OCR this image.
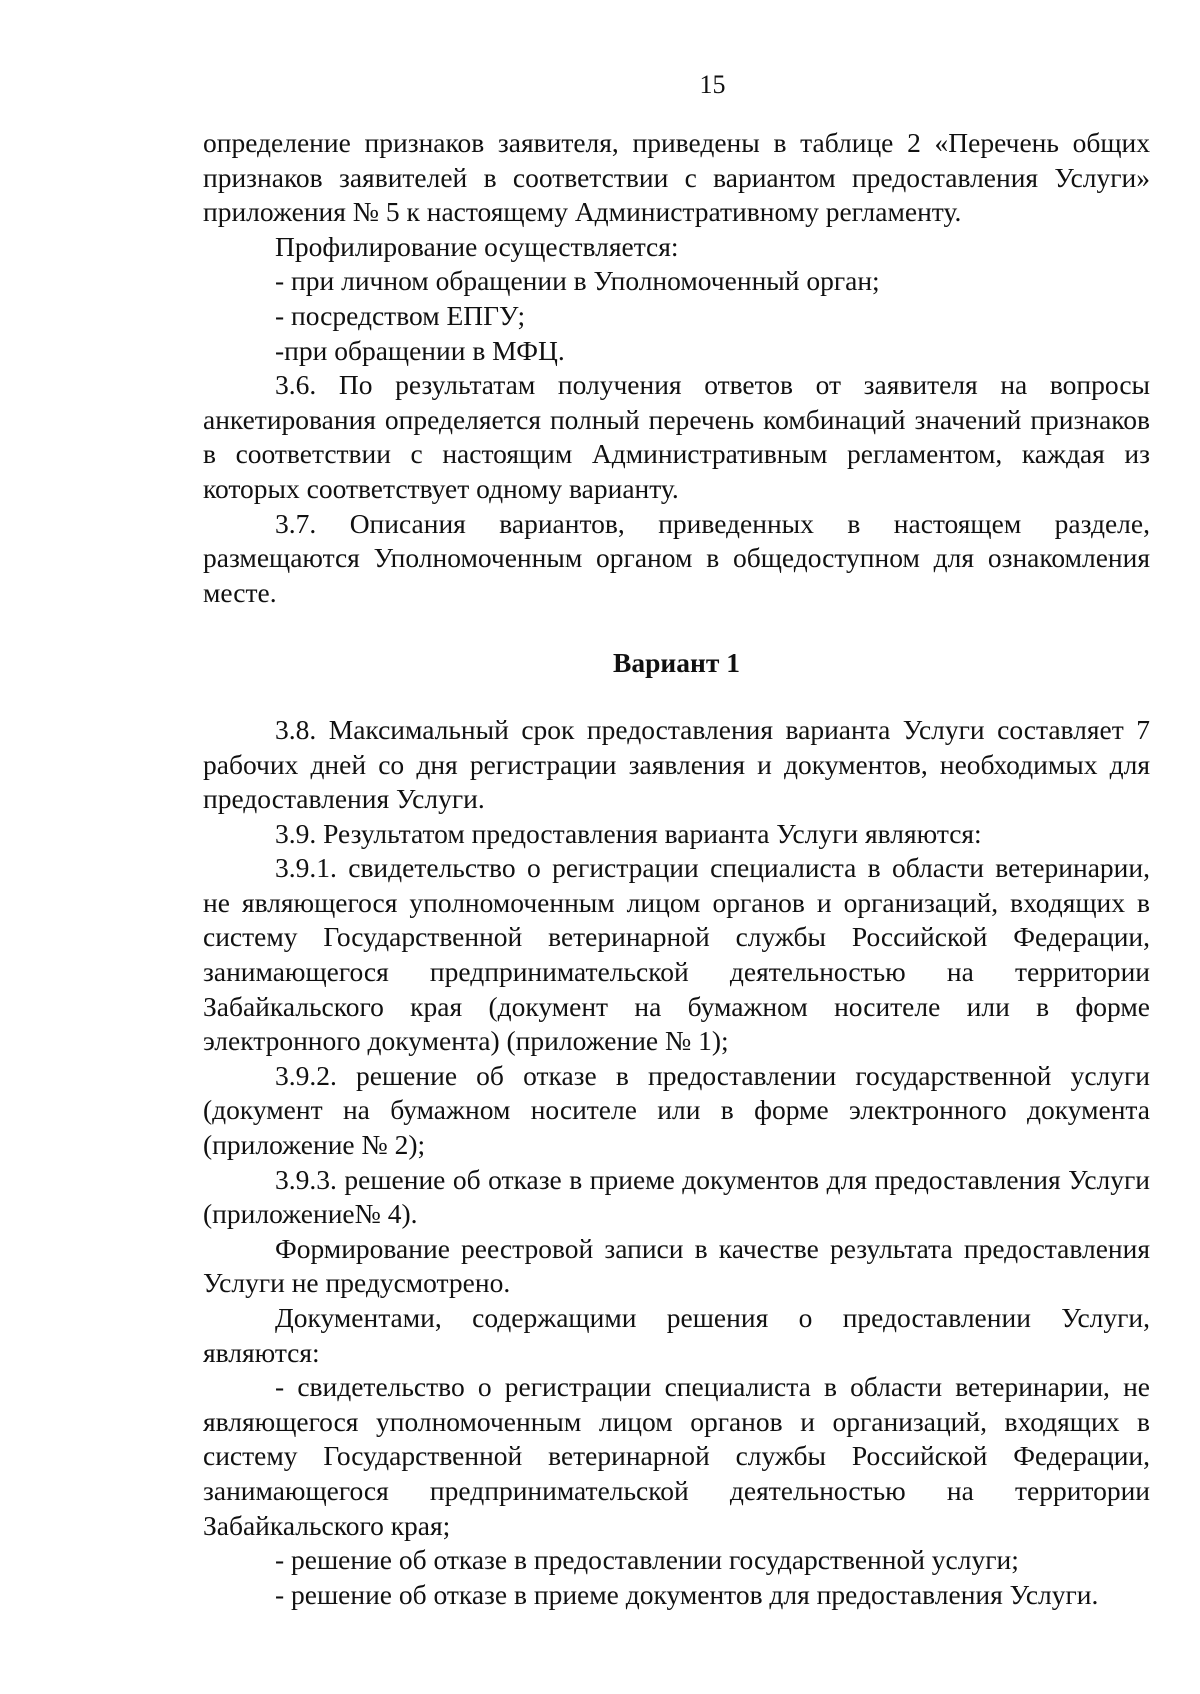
15

определение признаков заявителя, приведены в таблице 2 «Перечень общих признаков заявителей в соответствии с вариантом предоставления Услуги» приложения № 5 к настоящему Административному регламенту.

Профилирование осуществляется:

- при личном обращении в Уполномоченный орган;

- посредством ЕПГУ;

-при обращении в МФЦ.

3.6. По результатам получения ответов от заявителя на вопросы анкетирования определяется полный перечень комбинаций значений признаков в соответствии с настоящим Административным регламентом, каждая из которых соответствует одному варианту.

3.7. Описания вариантов, приведенных в настоящем разделе, размещаются Уполномоченным органом в общедоступном для ознакомления месте.

Вариант 1

3.8. Максимальный срок предоставления варианта Услуги составляет 7 рабочих дней со дня регистрации заявления и документов, необходимых для предоставления Услуги.

3.9. Результатом предоставления варианта Услуги являются:

3.9.1. свидетельство о регистрации специалиста в области ветеринарии, не являющегося уполномоченным лицом органов и организаций, входящих в систему Государственной ветеринарной службы Российской Федерации, занимающегося предпринимательской деятельностью на территории Забайкальского края (документ на бумажном носителе или в форме электронного документа) (приложение № 1);

3.9.2. решение об отказе в предоставлении государственной услуги (документ на бумажном носителе или в форме электронного документа (приложение № 2);

3.9.3. решение об отказе в приеме документов для предоставления Услуги (приложение№ 4).

Формирование реестровой записи в качестве результата предоставления Услуги не предусмотрено.

Документами, содержащими решения о предоставлении Услуги, являются:

- свидетельство о регистрации специалиста в области ветеринарии, не являющегося уполномоченным лицом органов и организаций, входящих в систему Государственной ветеринарной службы Российской Федерации, занимающегося предпринимательской деятельностью на территории Забайкальского края;

- решение об отказе в предоставлении государственной услуги;

- решение об отказе в приеме документов для предоставления Услуги.
